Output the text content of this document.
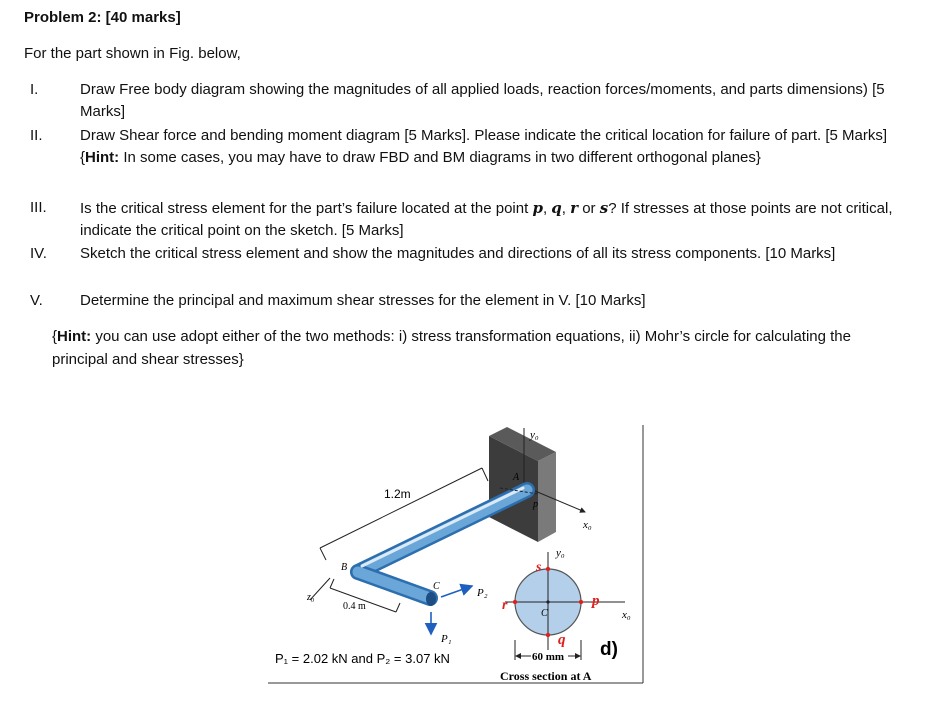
Problem 2: [40 marks]
For the part shown in Fig. below,
I.	Draw Free body diagram showing the magnitudes of all applied loads, reaction forces/moments, and parts dimensions) [5 Marks]
II.	Draw Shear force and bending moment diagram [5 Marks]. Please indicate the critical location for failure of part. [5 Marks]
{Hint: In some cases, you may have to draw FBD and BM diagrams in two different orthogonal planes}
III.	Is the critical stress element for the part’s failure located at the point p, q, r or s? If stresses at those points are not critical, indicate the critical point on the sketch. [5 Marks]
IV.	Sketch the critical stress element and show the magnitudes and directions of all its stress components. [10 Marks]
V.	Determine the principal and maximum shear stresses for the element in V. [10 Marks]
{Hint: you can use adopt either of the two methods: i) stress transformation equations, ii) Mohr’s circle for calculating the principal and shear stresses}
y₀
x₀
A
p
B
C
1.2m
0.4 m
z₀	P₂
P₁
P₁ = 2.02 kN and P₂ = 3.07 kN
y₀
x₀
s
r	p
q
C
60 mm d)
Cross section at A
